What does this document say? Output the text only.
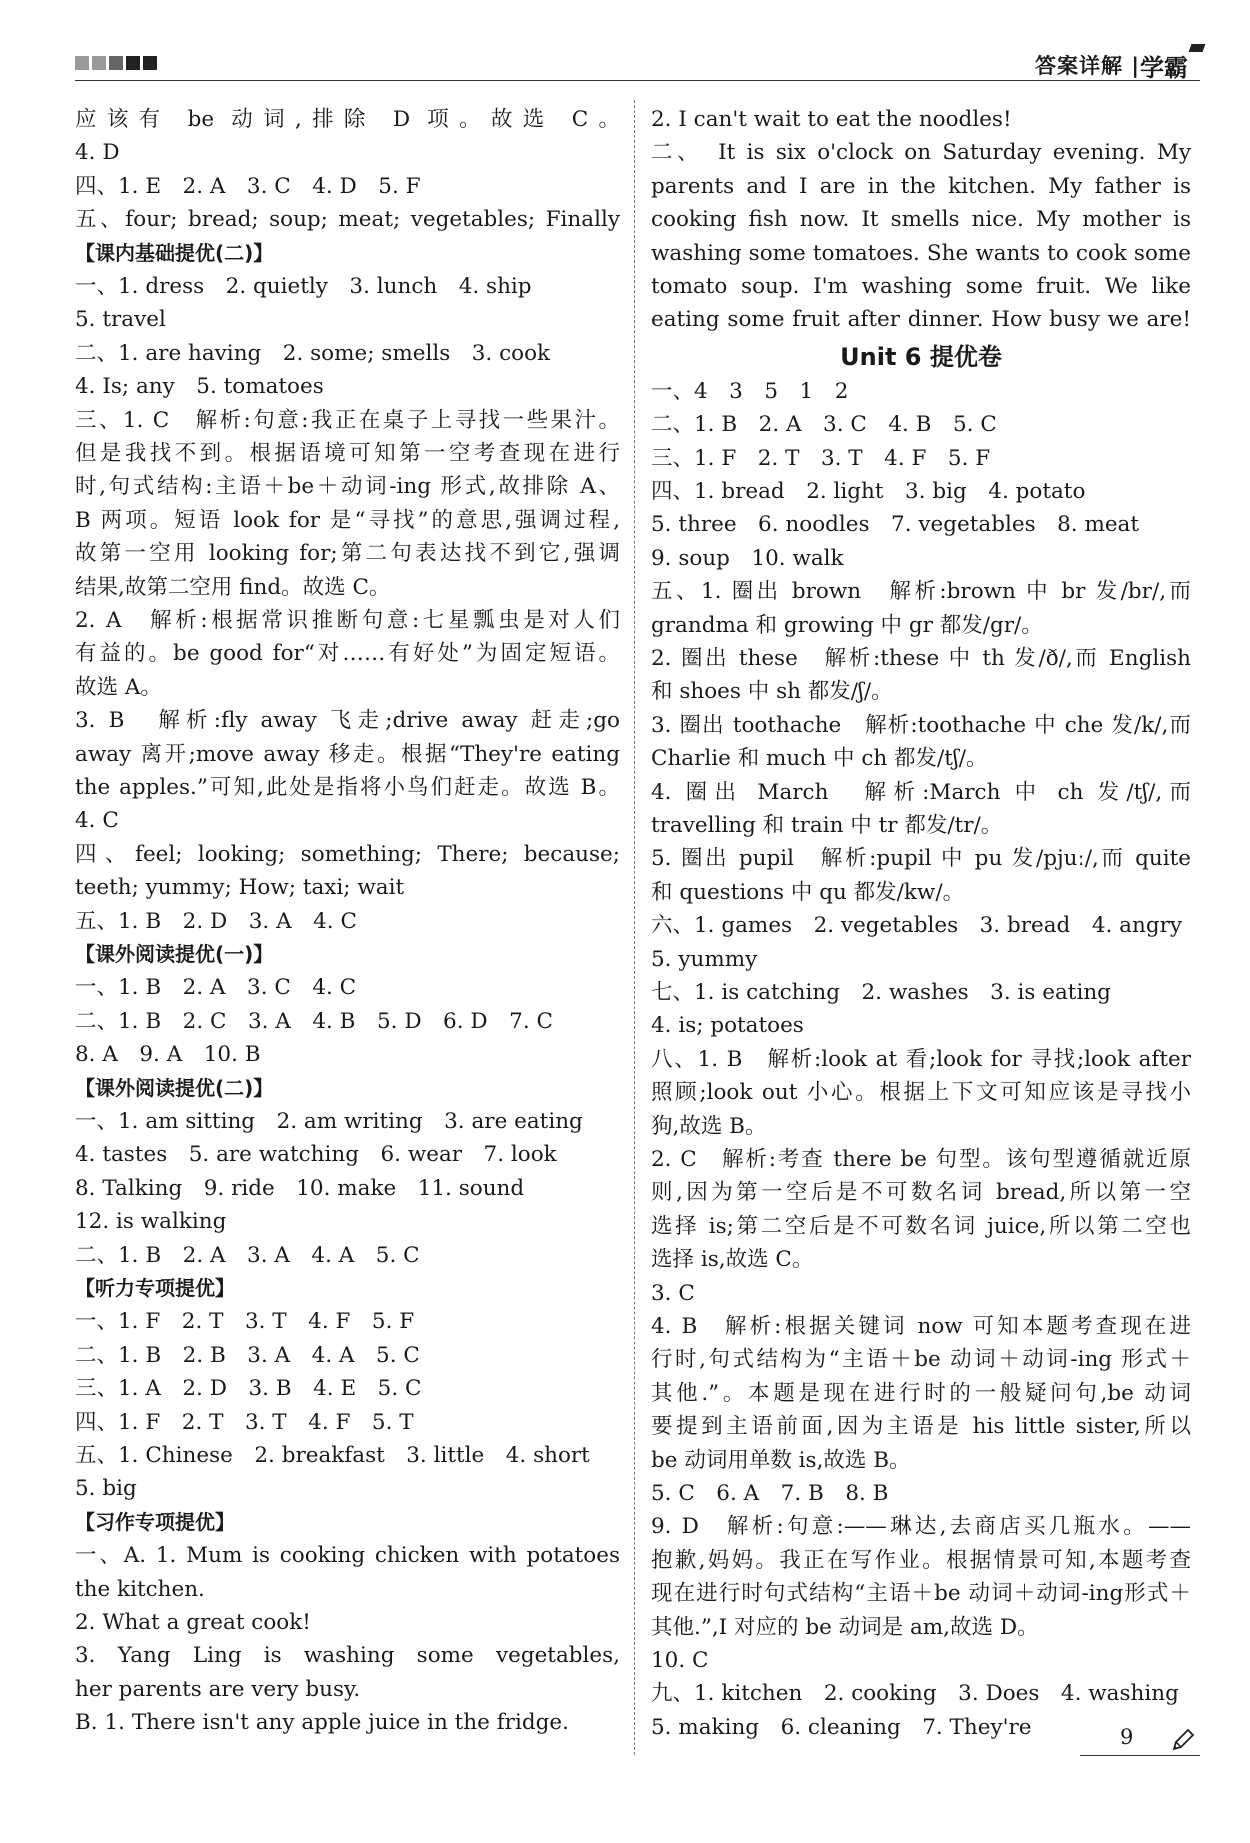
答案详解 | 学霸
应该有 be 动词,排除 D 项。故选 C。
4. D
四、1. E　2. A　3. C　4. D　5. F
五、four; bread; soup; meat; vegetables; Finally
【课内基础提优(二)】
一、1. dress　2. quietly　3. lunch　4. ship
5. travel
二、1. are having　2. some; smells　3. cook
4. Is; any　5. tomatoes
三、1. C　解析:句意:我正在桌子上寻找一些果汁。
但是我找不到。根据语境可知第一空考查现在进行
时,句式结构:主语＋be＋动词-ing 形式,故排除 A、
B 两项。短语 look for 是“寻找”的意思,强调过程,
故第一空用 looking for;第二句表达找不到它,强调
结果,故第二空用 find。故选 C。
2. A　解析:根据常识推断句意:七星瓢虫是对人们
有益的。be good for“对……有好处”为固定短语。
故选 A。
3. B　解析:fly away 飞走;drive away 赶走;go
away 离开;move away 移走。根据“They're eating
the apples.”可知,此处是指将小鸟们赶走。故选 B。
4. C
四、feel; looking; something; There; because;
teeth; yummy; How; taxi; wait
五、1. B　2. D　3. A　4. C
【课外阅读提优(一)】
一、1. B　2. A　3. C　4. C
二、1. B　2. C　3. A　4. B　5. D　6. D　7. C
8. A　9. A　10. B
【课外阅读提优(二)】
一、1. am sitting　2. am writing　3. are eating
4. tastes　5. are watching　6. wear　7. look
8. Talking　9. ride　10. make　11. sound
12. is walking
二、1. B　2. A　3. A　4. A　5. C
【听力专项提优】
一、1. F　2. T　3. T　4. F　5. F
二、1. B　2. B　3. A　4. A　5. C
三、1. A　2. D　3. B　4. E　5. C
四、1. F　2. T　3. T　4. F　5. T
五、1. Chinese　2. breakfast　3. little　4. short
5. big
【习作专项提优】
一、A. 1. Mum is cooking chicken with potatoes
the kitchen.
2. What a great cook!
3. Yang Ling is washing some vegetables,
her parents are very busy.
B. 1. There isn't any apple juice in the fridge.
2. I can't wait to eat the noodles!
二、　It is six o'clock on Saturday evening. My
parents and I are in the kitchen. My father is
cooking fish now. It smells nice. My mother is
washing some tomatoes. She wants to cook some
tomato soup. I'm washing some fruit. We like
eating some fruit after dinner. How busy we are!
Unit 6 提优卷
一、4　3　5　1　2
二、1. B　2. A　3. C　4. B　5. C
三、1. F　2. T　3. T　4. F　5. F
四、1. bread　2. light　3. big　4. potato
5. three　6. noodles　7. vegetables　8. meat
9. soup　10. walk
五、1. 圈出 brown　解析:brown 中 br 发/br/,而
grandma 和 growing 中 gr 都发/gr/。
2. 圈出 these　解析:these 中 th 发/ð/,而 English
和 shoes 中 sh 都发/ʃ/。
3. 圈出 toothache　解析:toothache 中 che 发/k/,而
Charlie 和 much 中 ch 都发/tʃ/。
4. 圈出 March　解析:March 中 ch 发/tʃ/,而
travelling 和 train 中 tr 都发/tr/。
5. 圈出 pupil　解析:pupil 中 pu 发/pjuː/,而 quite
和 questions 中 qu 都发/kw/。
六、1. games　2. vegetables　3. bread　4. angry
5. yummy
七、1. is catching　2. washes　3. is eating
4. is; potatoes
八、1. B　解析:look at 看;look for 寻找;look after
照顾;look out 小心。根据上下文可知应该是寻找小
狗,故选 B。
2. C　解析:考查 there be 句型。该句型遵循就近原
则,因为第一空后是不可数名词 bread,所以第一空
选择 is;第二空后是不可数名词 juice,所以第二空也
选择 is,故选 C。
3. C
4. B　解析:根据关键词 now 可知本题考查现在进
行时,句式结构为“主语＋be 动词＋动词-ing 形式＋
其他.”。本题是现在进行时的一般疑问句,be 动词
要提到主语前面,因为主语是 his little sister,所以
be 动词用单数 is,故选 B。
5. C　6. A　7. B　8. B
9. D　解析:句意:——琳达,去商店买几瓶水。——
抱歉,妈妈。我正在写作业。根据情景可知,本题考查
现在进行时句式结构“主语＋be 动词＋动词-ing形式＋
其他.”,I 对应的 be 动词是 am,故选 D。
10. C
九、1. kitchen　2. cooking　3. Does　4. washing
5. making　6. cleaning　7. They're	9
